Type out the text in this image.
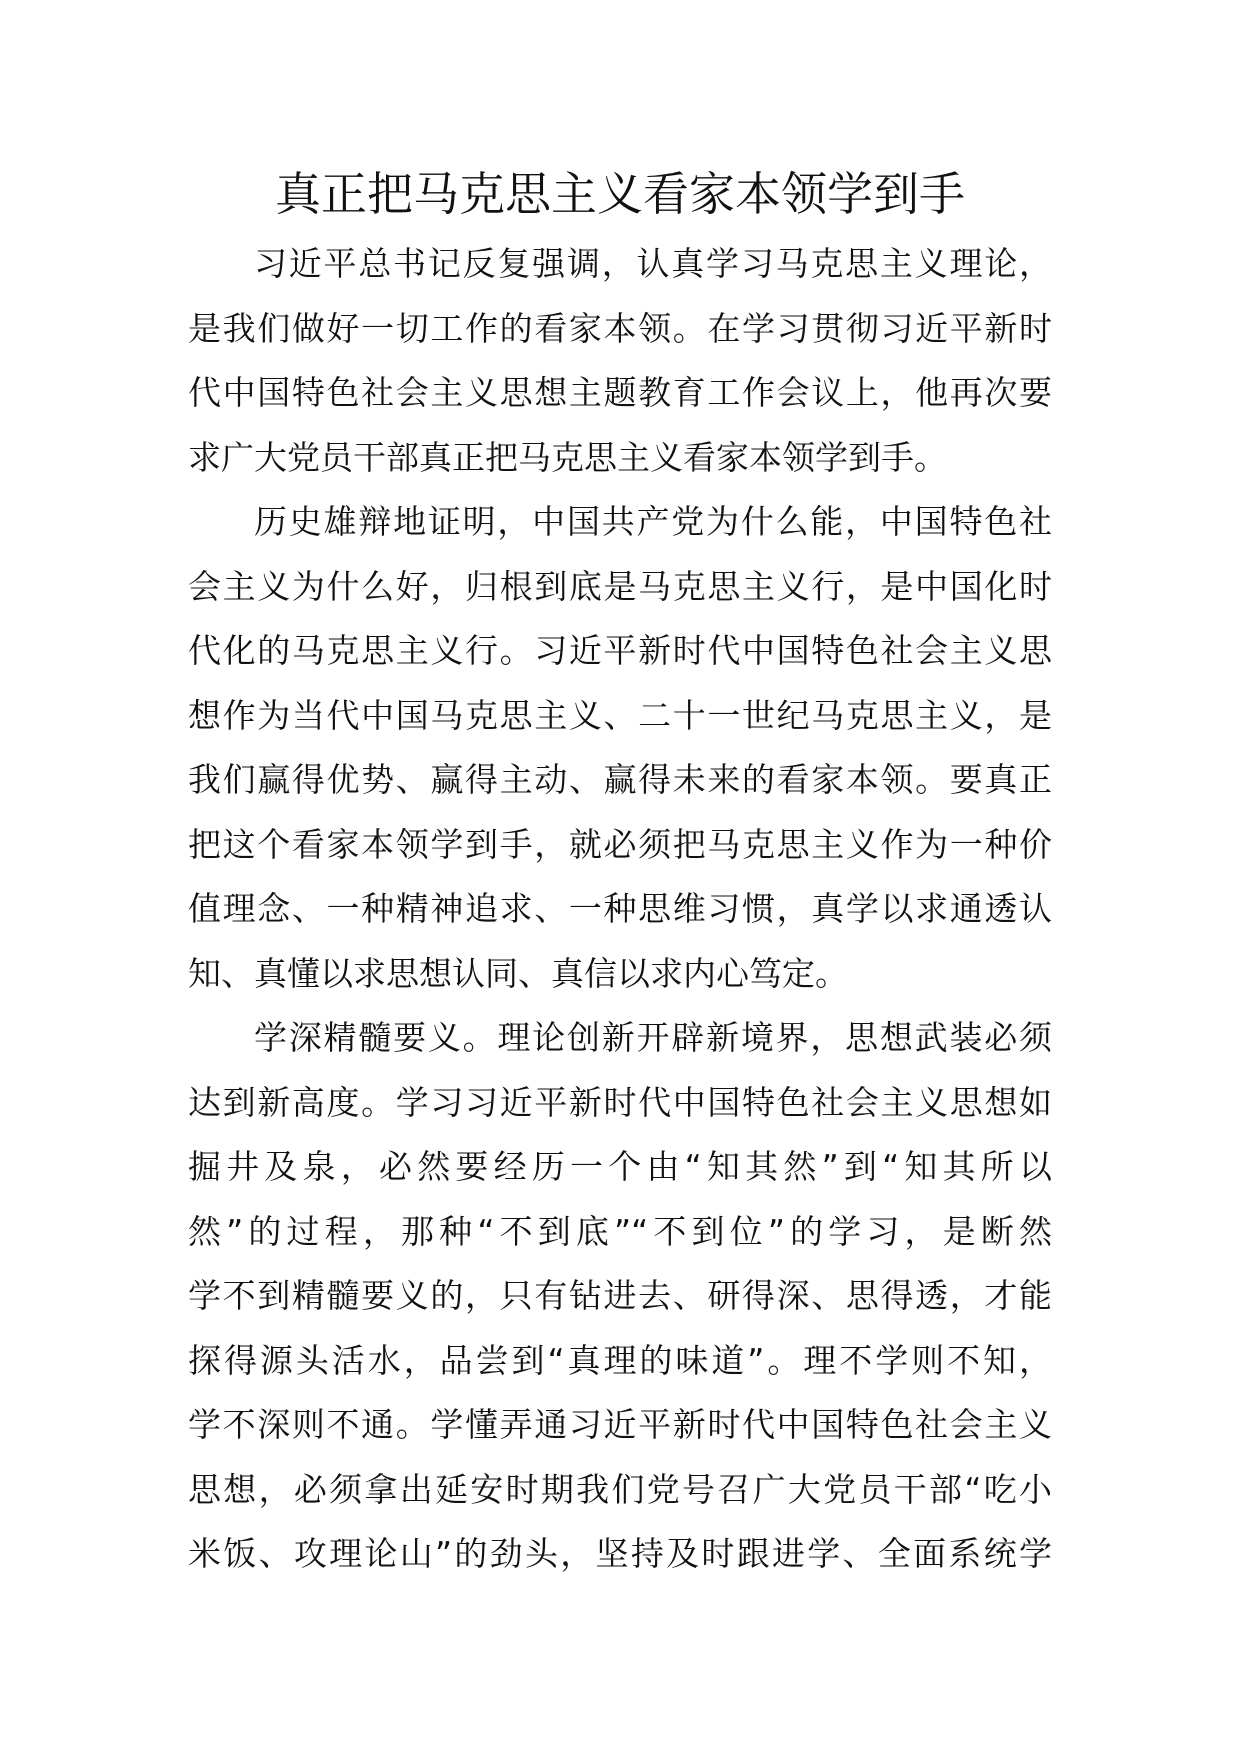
真正把马克思主义看家本领学到手
习近平总书记反复强调，认真学习马克思主义理论，
是我们做好一切工作的看家本领。在学习贯彻习近平新时
代中国特色社会主义思想主题教育工作会议上，他再次要
求广大党员干部真正把马克思主义看家本领学到手。
历史雄辩地证明，中国共产党为什么能，中国特色社
会主义为什么好，归根到底是马克思主义行，是中国化时
代化的马克思主义行。习近平新时代中国特色社会主义思
想作为当代中国马克思主义、二十一世纪马克思主义，是
我们赢得优势、赢得主动、赢得未来的看家本领。要真正
把这个看家本领学到手，就必须把马克思主义作为一种价
值理念、一种精神追求、一种思维习惯，真学以求通透认
知、真懂以求思想认同、真信以求内心笃定。
学深精髓要义。理论创新开辟新境界，思想武装必须
达到新高度。学习习近平新时代中国特色社会主义思想如
掘井及泉，必然要经历一个由“知其然”到“知其所以
然”的过程，那种“不到底”“不到位”的学习，是断然
学不到精髓要义的，只有钻进去、研得深、思得透，才能
探得源头活水，品尝到“真理的味道”。理不学则不知，
学不深则不通。学懂弄通习近平新时代中国特色社会主义
思想，必须拿出延安时期我们党号召广大党员干部“吃小
米饭、攻理论山”的劲头，坚持及时跟进学、全面系统学
